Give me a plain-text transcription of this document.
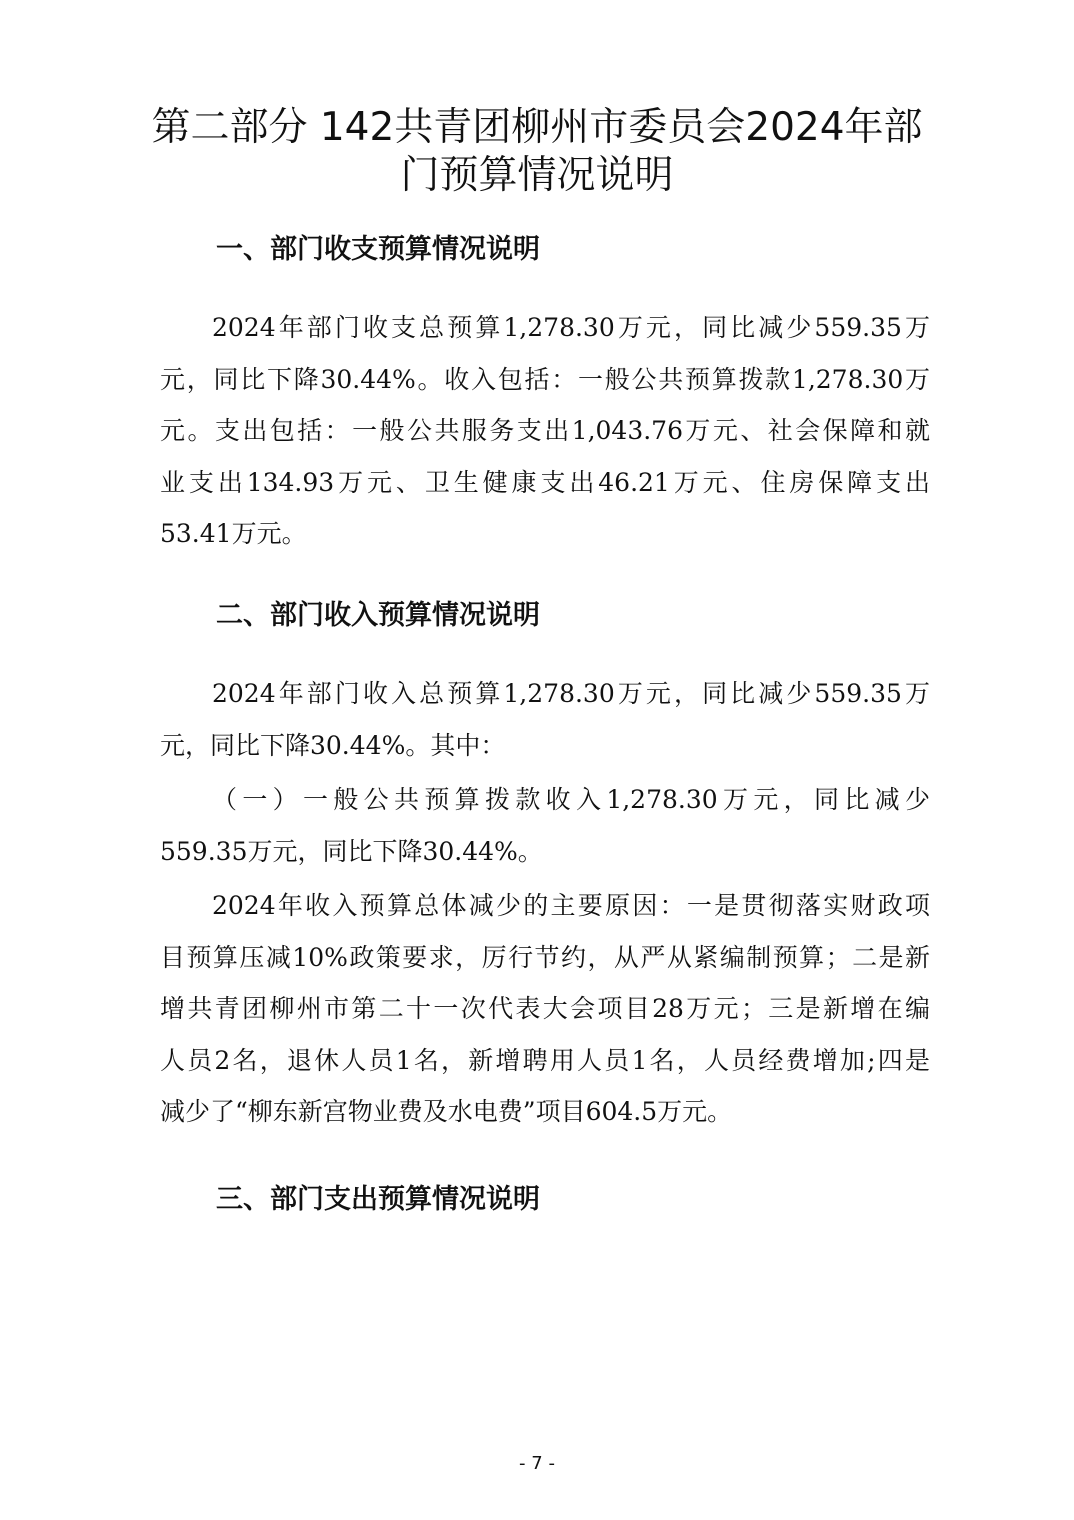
第二部分 142共青团柳州市委员会2024年部
门预算情况说明
一、部门收支预算情况说明

2024年部门收支总预算1,278.30万元，同比减少559.35万
元，同比下降30.44%。收入包括：一般公共预算拨款1,278.30万
元。支出包括：一般公共服务支出1,043.76万元、社会保障和就
业支出134.93万元、卫生健康支出46.21万元、住房保障支出
53.41万元。

二、部门收入预算情况说明

2024年部门收入总预算1,278.30万元，同比减少559.35万
元，同比下降30.44%。其中：

（一）一般公共预算拨款收入1,278.30万元，同比减少
559.35万元，同比下降30.44%。

2024年收入预算总体减少的主要原因：一是贯彻落实财政项
目预算压减10%政策要求，厉行节约，从严从紧编制预算；二是新
增共青团柳州市第二十一次代表大会项目28万元；三是新增在编
人员2名，退休人员1名，新增聘用人员1名，人员经费增加;四是
减少了“柳东新宫物业费及水电费”项目604.5万元。

三、部门支出预算情况说明
- 7 -
